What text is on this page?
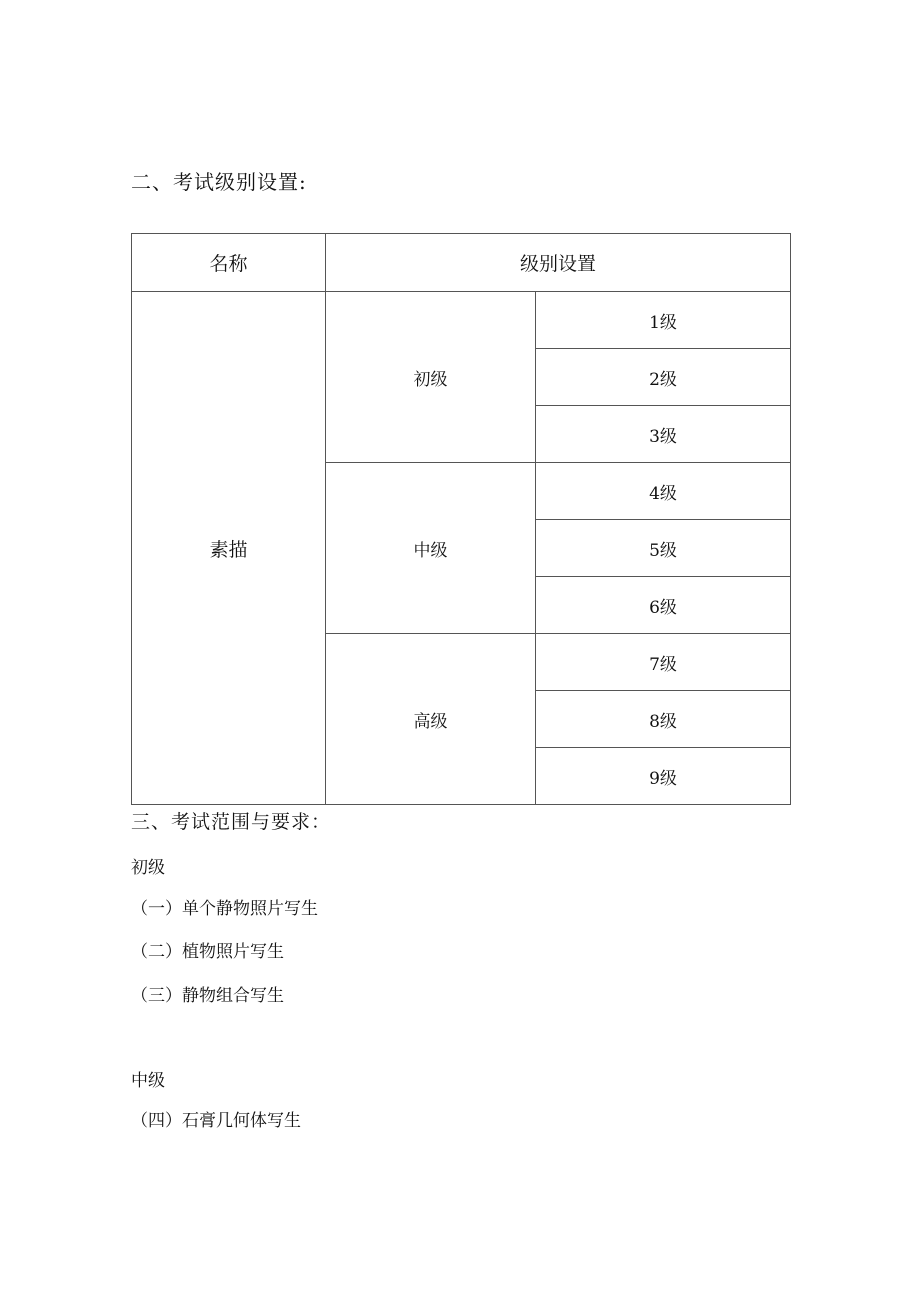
二、考试级别设置:
名称	级别设置	
素描	初级	1级
		2级
		3级
	中级	4级
		5级
		6级
	高级	7级
		8级
		9级
三、考试范围与要求：
初级
（一）单个静物照片写生
（二）植物照片写生
（三）静物组合写生
中级
（四）石膏几何体写生
